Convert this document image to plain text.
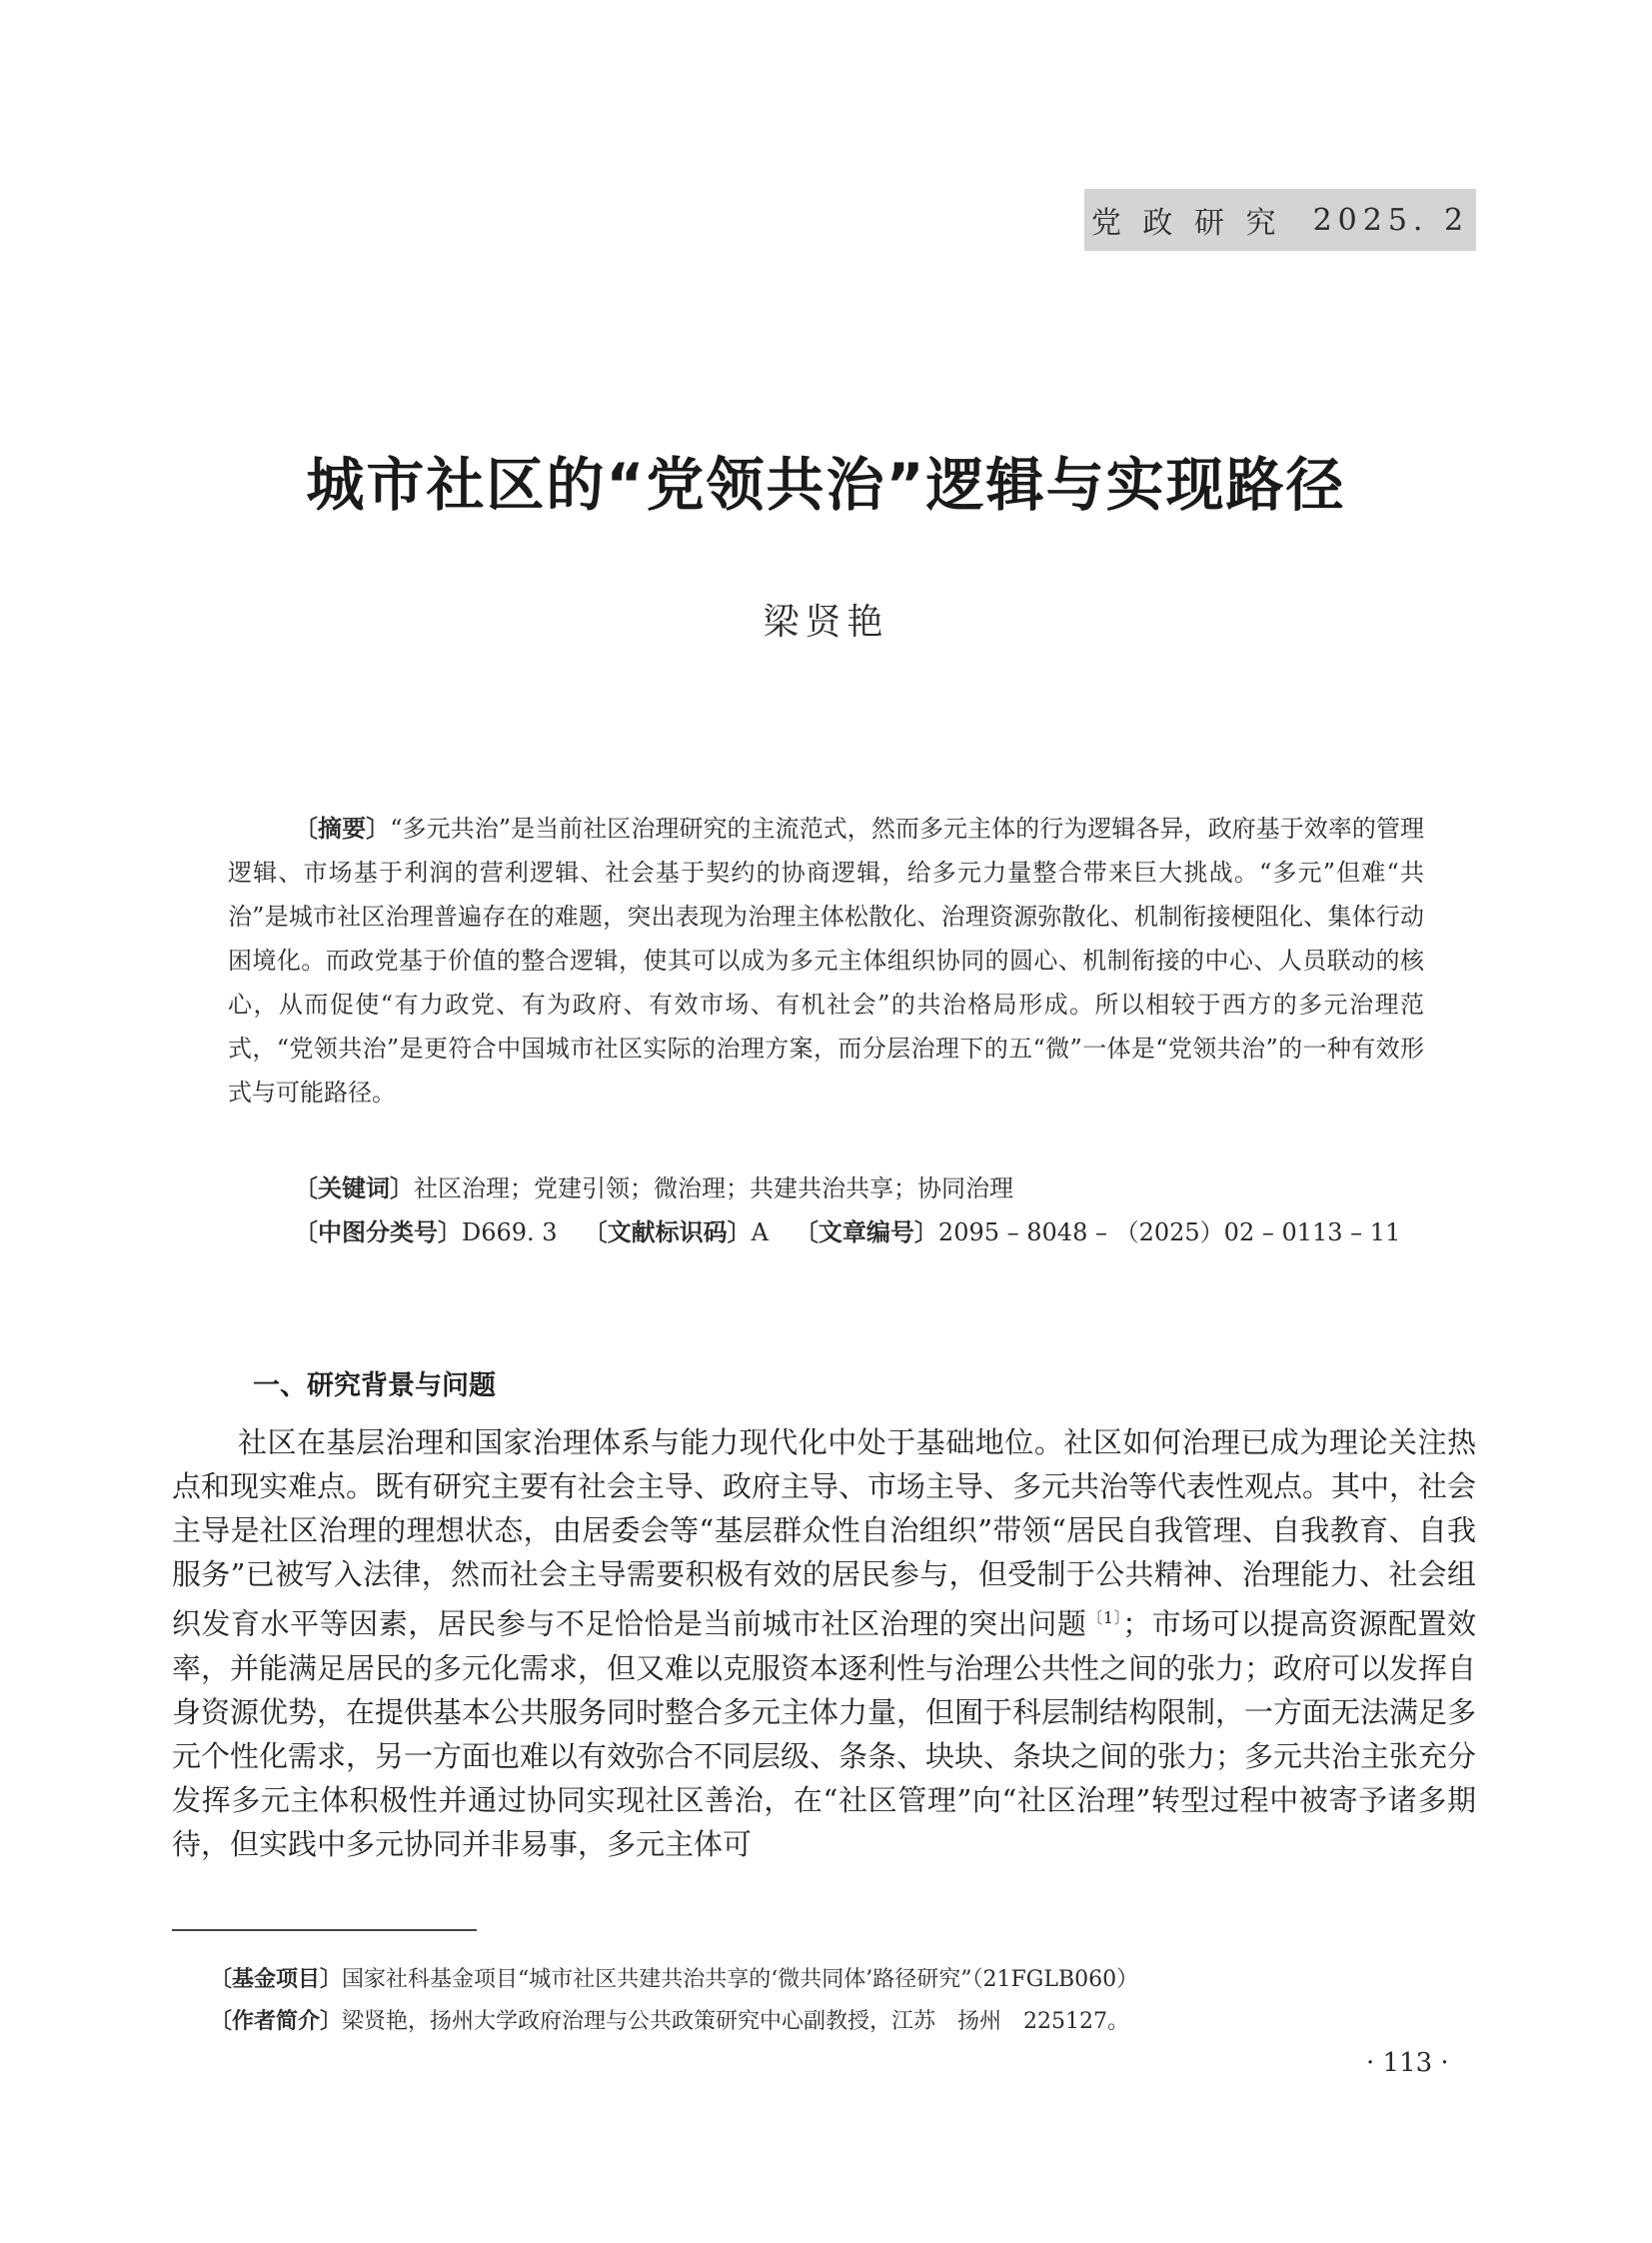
党 政 研 究
2025. 2
城市社区的“党领共治”逻辑与实现路径
梁贤艳
〔摘要〕“多元共治”是当前社区治理研究的主流范式，然而多元主体的行为逻辑各异，政府基于效率的管理逻辑、市场基于利润的营利逻辑、社会基于契约的协商逻辑，给多元力量整合带来巨大挑战。“多元”但难“共治”是城市社区治理普遍存在的难题，突出表现为治理主体松散化、治理资源弥散化、机制衔接梗阻化、集体行动困境化。而政党基于价值的整合逻辑，使其可以成为多元主体组织协同的圆心、机制衔接的中心、人员联动的核心，从而促使“有力政党、有为政府、有效市场、有机社会”的共治格局形成。所以相较于西方的多元治理范式，“党领共治”是更符合中国城市社区实际的治理方案，而分层治理下的五“微”一体是“党领共治”的一种有效形式与可能路径。
〔关键词〕社区治理；党建引领；微治理；共建共治共享；协同治理
〔中图分类号〕D669. 3 〔文献标识码〕A 〔文章编号〕2095 – 8048 – （2025）02 – 0113 – 11
一、研究背景与问题
社区在基层治理和国家治理体系与能力现代化中处于基础地位。社区如何治理已成为理论关注热点和现实难点。既有研究主要有社会主导、政府主导、市场主导、多元共治等代表性观点。其中，社会主导是社区治理的理想状态，由居委会等“基层群众性自治组织”带领“居民自我管理、自我教育、自我服务”已被写入法律，然而社会主导需要积极有效的居民参与，但受制于公共精神、治理能力、社会组织发育水平等因素，居民参与不足恰恰是当前城市社区治理的突出问题$^{〔1〕}$；市场可以提高资源配置效率，并能满足居民的多元化需求，但又难以克服资本逐利性与治理公共性之间的张力；政府可以发挥自身资源优势，在提供基本公共服务同时整合多元主体力量，但囿于科层制结构限制，一方面无法满足多元个性化需求，另一方面也难以有效弥合不同层级、条条、块块、条块之间的张力；多元共治主张充分发挥多元主体积极性并通过协同实现社区善治，在“社区管理”向“社区治理”转型过程中被寄予诸多期待，但实践中多元协同并非易事，多元主体可
〔基金项目〕国家社科基金项目“城市社区共建共治共享的‘微共同体’路径研究”（21FGLB060）
〔作者简介〕梁贤艳，扬州大学政府治理与公共政策研究中心副教授，江苏　扬州　225127。
· 113 ·
